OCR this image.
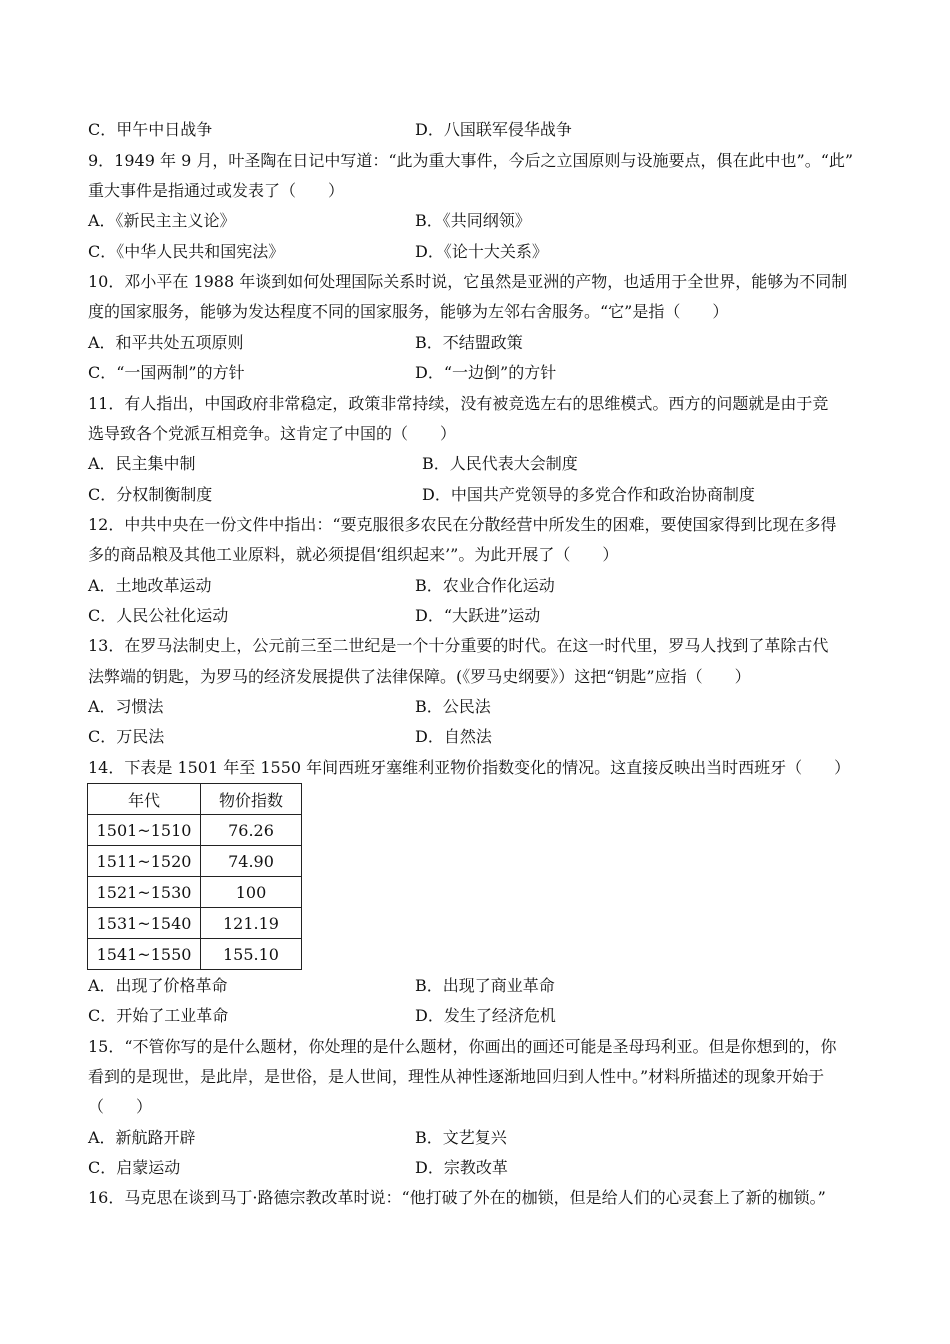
C．甲午中日战争	D．八国联军侵华战争
9．1949 年 9 月，叶圣陶在日记中写道：“此为重大事件，今后之立国原则与设施要点，俱在此中也”。“此”
重大事件是指通过或发表了（　　）
A．《新民主主义论》	B．《共同纲领》
C．《中华人民共和国宪法》	D．《论十大关系》
10．邓小平在 1988 年谈到如何处理国际关系时说，它虽然是亚洲的产物，也适用于全世界，能够为不同制
度的国家服务，能够为发达程度不同的国家服务，能够为左邻右舍服务。“它”是指（　　）
A．和平共处五项原则	B．不结盟政策
C．“一国两制”的方针	D．“一边倒”的方针
11．有人指出，中国政府非常稳定，政策非常持续，没有被竞选左右的思维模式。西方的问题就是由于竞
选导致各个党派互相竞争。这肯定了中国的（　　）
A．民主集中制	B．人民代表大会制度
C．分权制衡制度	D．中国共产党领导的多党合作和政治协商制度
12．中共中央在一份文件中指出：“要克服很多农民在分散经营中所发生的困难，要使国家得到比现在多得
多的商品粮及其他工业原料，就必须提倡‘组织起来’”。为此开展了（　　）
A．土地改革运动	B．农业合作化运动
C．人民公社化运动	D．“大跃进”运动
13．在罗马法制史上，公元前三至二世纪是一个十分重要的时代。在这一时代里，罗马人找到了革除古代
法弊端的钥匙，为罗马的经济发展提供了法律保障。(《罗马史纲要》）这把“钥匙”应指（　　）
A．习惯法	B．公民法
C．万民法	D．自然法
14．下表是 1501 年至 1550 年间西班牙塞维利亚物价指数变化的情况。这直接反映出当时西班牙（　　）
年代	物价指数
1501~1510	76.26
1511~1520	74.90
1521~1530	100
1531~1540	121.19
1541~1550	155.10
A．出现了价格革命	B．出现了商业革命
C．开始了工业革命	D．发生了经济危机
15．“不管你写的是什么题材，你处理的是什么题材，你画出的画还可能是圣母玛利亚。但是你想到的，你
看到的是现世，是此岸，是世俗，是人世间，理性从神性逐渐地回归到人性中。”材料所描述的现象开始于
（　　）
A．新航路开辟	B．文艺复兴
C．启蒙运动	D．宗教改革
16．马克思在谈到马丁·路德宗教改革时说：“他打破了外在的枷锁，但是给人们的心灵套上了新的枷锁。”
